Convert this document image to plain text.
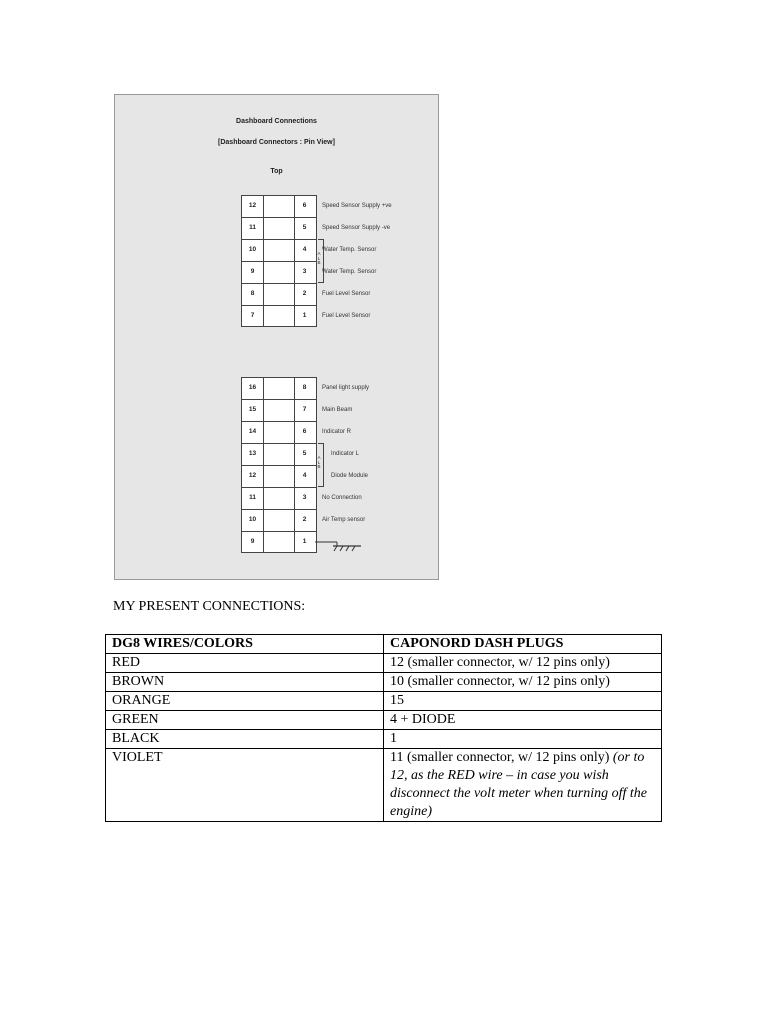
Dashboard Connections
[Dashboard Connectors : Pin View]
Top
12	6	Speed Sensor Supply +ve
11	5	Speed Sensor Supply -ve
10	4	Water Temp. Sensor
9	3	Water Temp. Sensor
8	2	Fuel Level Sensor
7	1	Fuel Level Sensor
A L B
16	8	Panel light supply
15	7	Main Beam
14	6	Indicator R
13	5	Indicator L
12	4	Diode Module
11	3	No Connection
10	2	Air Temp sensor
9	1
A L B
MY PRESENT CONNECTIONS:
DG8 WIRES/COLORS	CAPONORD DASH PLUGS
RED	12 (smaller connector, w/ 12 pins only)
BROWN	10 (smaller connector, w/ 12 pins only)
ORANGE	15
GREEN	4 + DIODE
BLACK	1
VIOLET	11 (smaller connector, w/ 12 pins only) (or to 12, as the RED wire – in case you wish disconnect the volt meter when turning off the engine)
